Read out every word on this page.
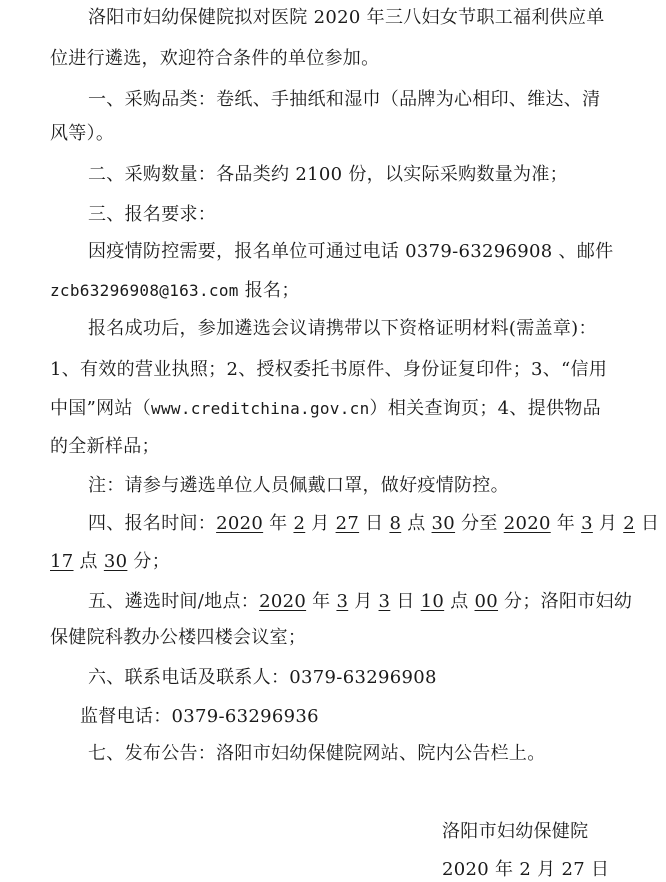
洛阳市妇幼保健院拟对医院 2020 年三八妇女节职工福利供应单
位进行遴选，欢迎符合条件的单位参加。
一、采购品类：卷纸、手抽纸和湿巾（品牌为心相印、维达、清
风等）。
二、采购数量：各品类约 2100 份，以实际采购数量为准；
三、报名要求：
因疫情防控需要，报名单位可通过电话 0379-63296908 、邮件
zcb63296908@163.com 报名；
报名成功后，参加遴选会议请携带以下资格证明材料(需盖章)：
1、有效的营业执照；2、授权委托书原件、身份证复印件；3、“信用
中国”网站（www.creditchina.gov.cn）相关查询页；4、提供物品
的全新样品；
注：请参与遴选单位人员佩戴口罩，做好疫情防控。
四、报名时间：2020 年 2 月 27 日 8 点 30 分至 2020 年 3 月 2 日
17 点 30 分；
五、遴选时间/地点：2020 年 3 月 3 日 10 点 00 分；洛阳市妇幼
保健院科教办公楼四楼会议室；
六、联系电话及联系人：0379-63296908
监督电话：0379-63296936
七、发布公告：洛阳市妇幼保健院网站、院内公告栏上。
洛阳市妇幼保健院
2020 年 2 月 27 日
